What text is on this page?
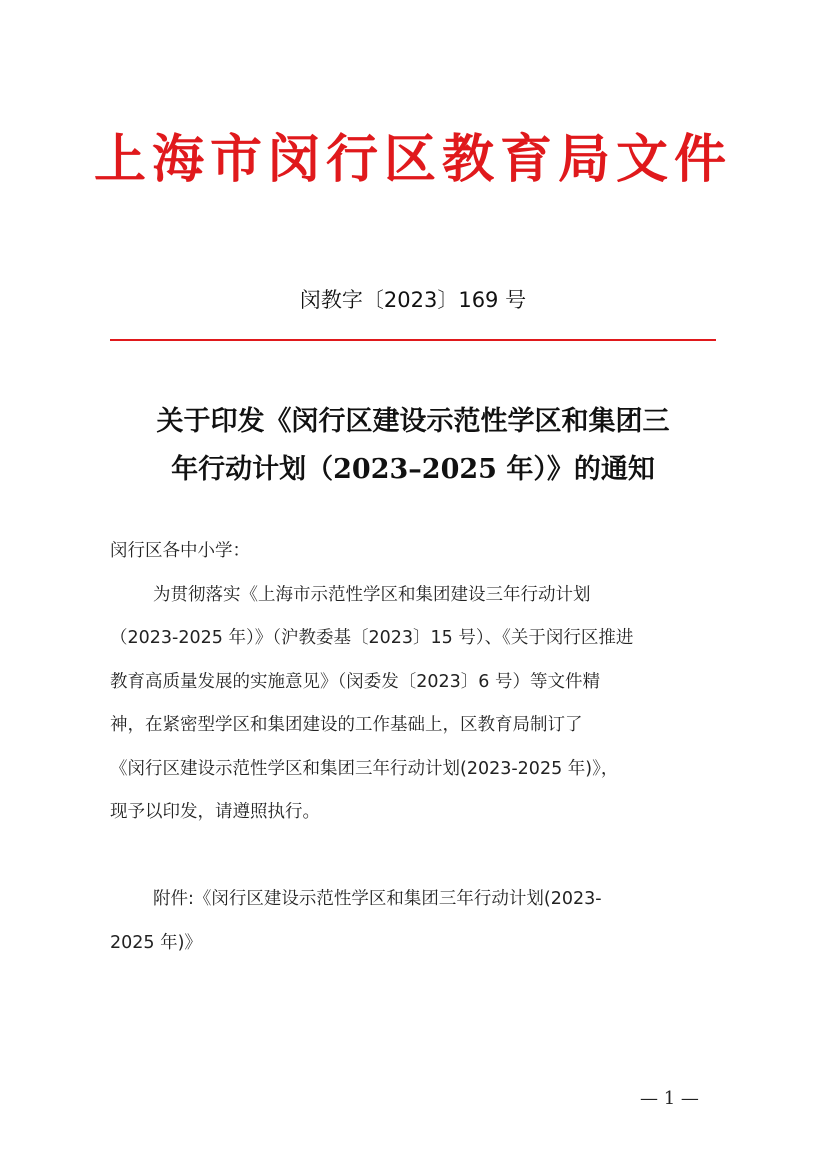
上海市闵行区教育局文件
闵教字〔2023〕169 号
关于印发《闵行区建设示范性学区和集团三
年行动计划（2023–2025 年）》的通知
闵行区各中小学：
为贯彻落实《上海市示范性学区和集团建设三年行动计划
（2023-2025 年）》（沪教委基〔2023〕15 号）、《关于闵行区推进
教育高质量发展的实施意见》（闵委发〔2023〕6 号）等文件精
神，在紧密型学区和集团建设的工作基础上，区教育局制订了
《闵行区建设示范性学区和集团三年行动计划(2023-2025 年)》，
现予以印发，请遵照执行。
附件:《闵行区建设示范性学区和集团三年行动计划(2023-
2025 年)》
— 1 —
